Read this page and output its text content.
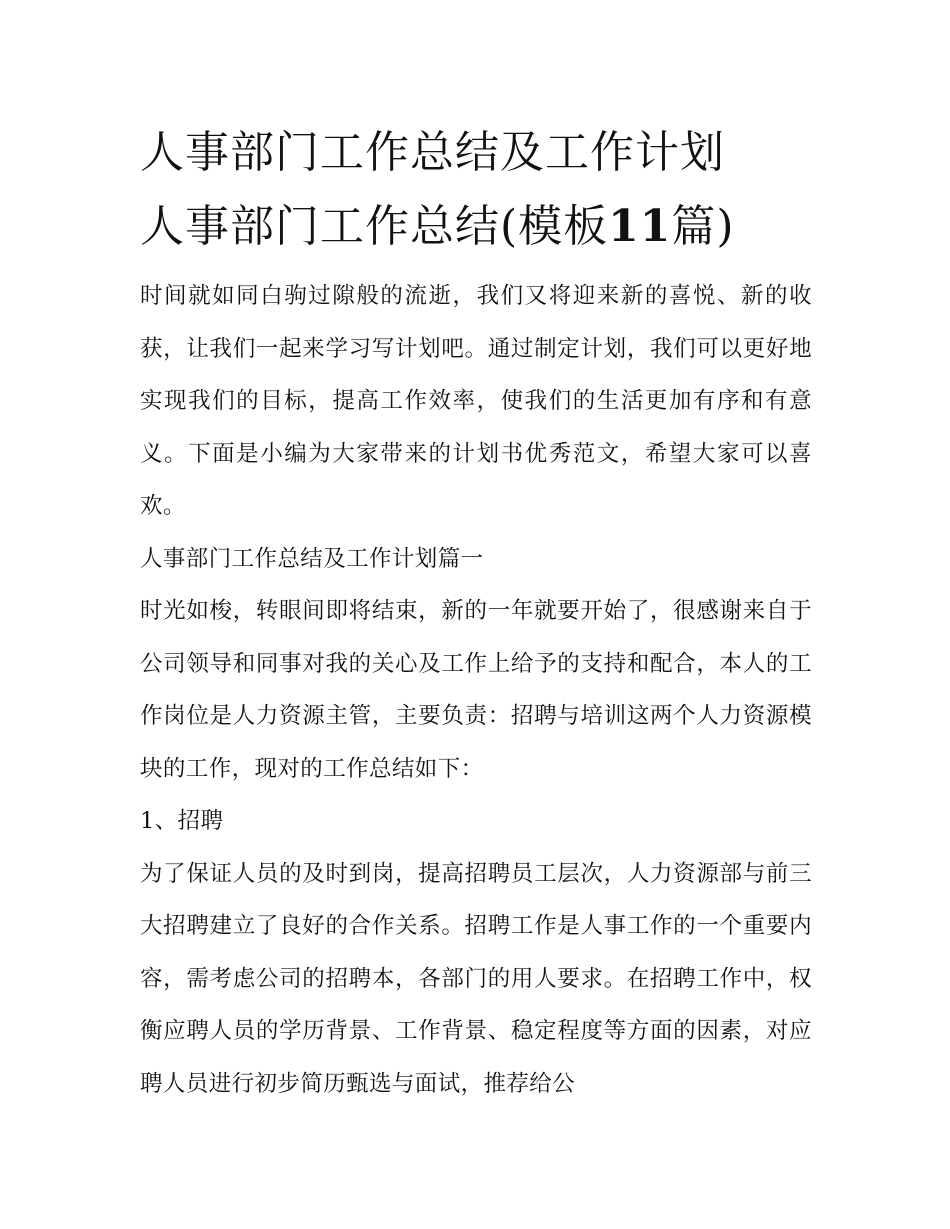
人事部门工作总结及工作计划
人事部门工作总结(模板11篇)

时间就如同白驹过隙般的流逝，我们又将迎来新的喜悦、新的收获，让我们一起来学习写计划吧。通过制定计划，我们可以更好地实现我们的目标，提高工作效率，使我们的生活更加有序和有意义。下面是小编为大家带来的计划书优秀范文，希望大家可以喜欢。

人事部门工作总结及工作计划篇一

时光如梭，转眼间即将结束，新的一年就要开始了，很感谢来自于公司领导和同事对我的关心及工作上给予的支持和配合，本人的工作岗位是人力资源主管，主要负责：招聘与培训这两个人力资源模块的工作，现对的工作总结如下：

1、招聘

为了保证人员的及时到岗，提高招聘员工层次，人力资源部与前三大招聘建立了良好的合作关系。招聘工作是人事工作的一个重要内容，需考虑公司的招聘本，各部门的用人要求。在招聘工作中，权衡应聘人员的学历背景、工作背景、稳定程度等方面的因素，对应聘人员进行初步简历甄选与面试，推荐给公
